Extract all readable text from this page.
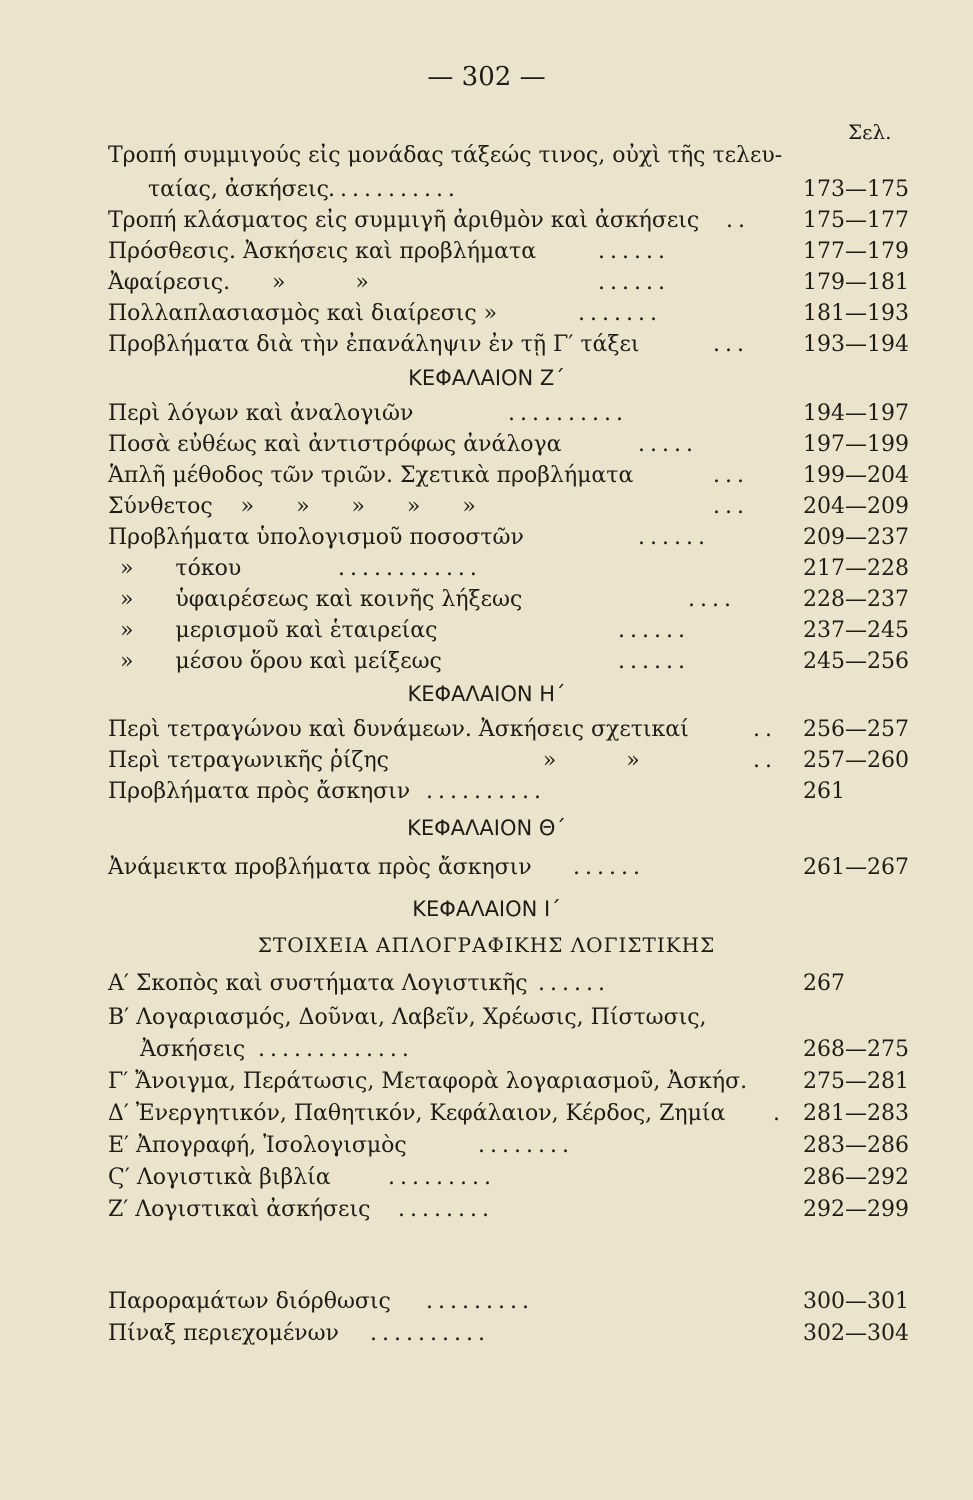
— 302 —
Σελ.
Τροπή συμμιγούς εἰς μονάδας τάξεώς τινος, οὐχὶ τῆς τελευ-
ταίας, ἀσκήσεις ...........	173—175
Τροπή κλάσματος εἰς συμμιγῆ ἀριθμὸν καὶ ἀσκήσεις .. 175—177
Πρόσθεσις. Ἀσκήσεις καὶ προβλήματα	......	177—179
Ἀφαίρεσις.      »          »	......	179—181
Πολλαπλασιασμὸς καὶ διαίρεσις »	.......	181—193
Προβλήματα διὰ τὴν ἐπανάληψιν ἐν τῇ Γ′ τάξει	... 193—194
ΚΕΦΑΛΑΙΟΝ Ζ΄
Περὶ λόγων καὶ ἀναλογιῶν	..........	194—197
Ποσὰ εὐθέως καὶ ἀντιστρόφως ἀνάλογα	.....	197—199
Ἁπλῆ μέθοδος τῶν τριῶν. Σχετικὰ προβλήματα	... 199—204
Σύνθετος    »      »      »      »      »	... 204—209
Προβλήματα ὑπολογισμοῦ ποσοστῶν	......	209—237
»      τόκου	............	217—228
»      ὑφαιρέσεως καὶ κοινῆς λήξεως	....	228—237
»      μερισμοῦ καὶ ἑταιρείας	......	237—245
»      μέσου ὅρου καὶ μείξεως	......	245—256
ΚΕΦΑΛΑΙΟΝ Η΄
Περὶ τετραγώνου καὶ δυνάμεων. Ἀσκήσεις σχετικαί	.. 256—257
Περὶ τετραγωνικῆς ῥίζης                      »          »	.. 257—260
Προβλήματα πρὸς ἄσκησιν ..........	261
ΚΕΦΑΛΑΙΟΝ Θ΄
Ἀνάμεικτα προβλήματα πρὸς ἄσκησιν ......	261—267
ΚΕΦΑΛΑΙΟΝ Ι΄
ΣΤΟΙΧΕΙΑ ΑΠΛΟΓΡΑΦΙΚΗΣ ΛΟΓΙΣΤΙΚΗΣ
Α′ Σκοπὸς καὶ συστήματα Λογιστικῆς ......	267
Β′ Λογαριασμός, Δοῦναι, Λαβεῖν, Χρέωσις, Πίστωσις,
Ἀσκήσεις .............	268—275
Γ′ Ἄνοιγμα, Περάτωσις, Μεταφορὰ λογαριασμοῦ, Ἀσκήσ.	275—281
Δ′ Ἐνεργητικόν, Παθητικόν, Κεφάλαιον, Κέρδος, Ζημία . 281—283
Ε′ Ἀπογραφή, Ἰσολογισμὸς	........	283—286
Ϛ′ Λογιστικὰ βιβλία	.........	286—292
Ζ′ Λογιστικαὶ ἀσκήσεις ........	292—299
Παροραμάτων διόρθωσις .........	300—301
Πίναξ περιεχομένων ..........	302—304
